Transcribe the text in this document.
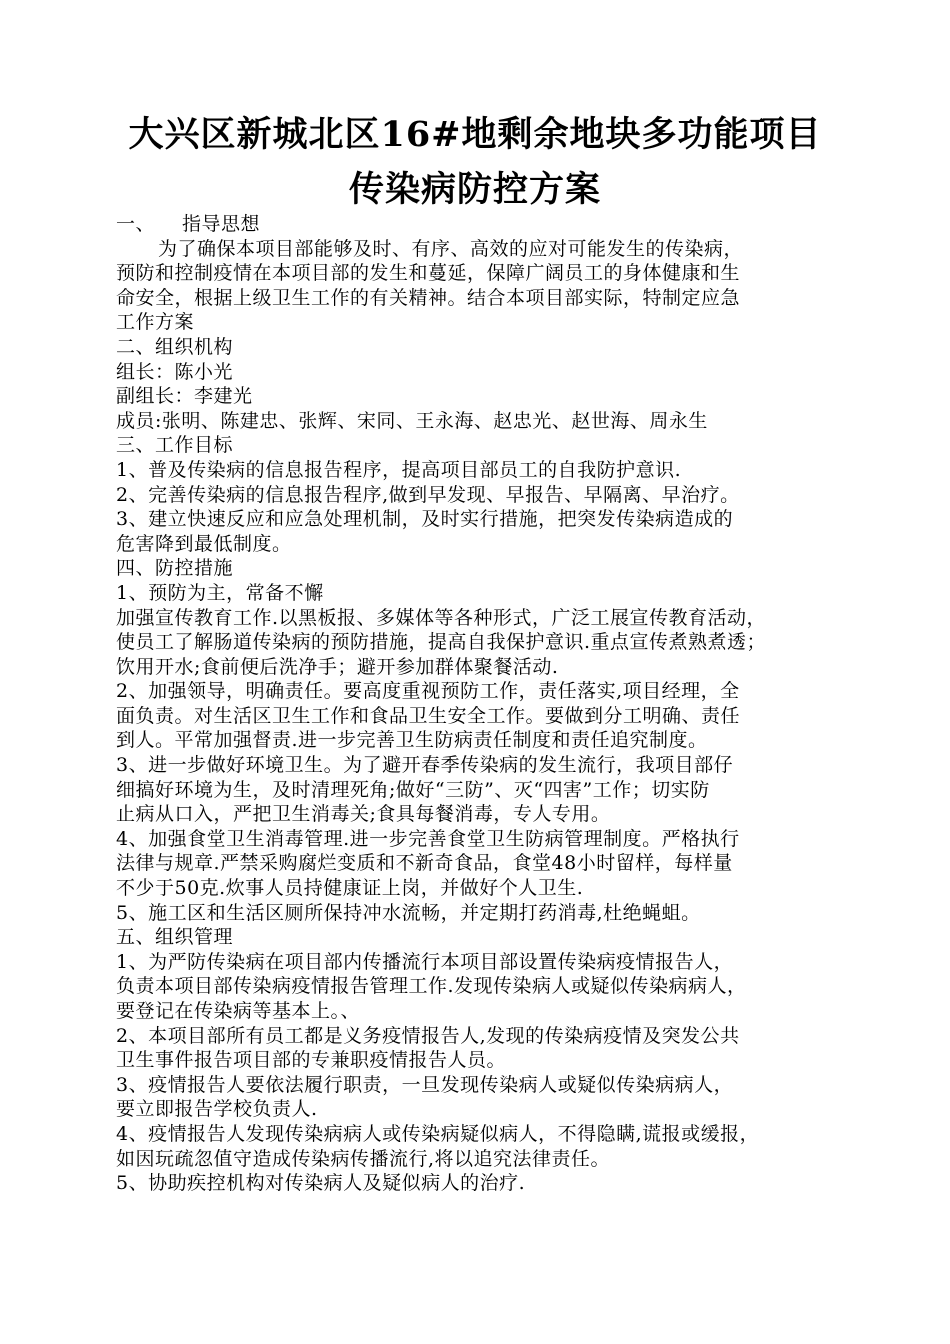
大兴区新城北区16#地剩余地块多功能项目
传染病防控方案
一、 指导思想
为了确保本项目部能够及时、有序、高效的应对可能发生的传染病，
预防和控制疫情在本项目部的发生和蔓延，保障广阔员工的身体健康和生
命安全，根据上级卫生工作的有关精神。结合本项目部实际，特制定应急
工作方案
二、组织机构
组长：陈小光
副组长：李建光
成员:张明、陈建忠、张辉、宋同、王永海、赵忠光、赵世海、周永生
三、工作目标
1、普及传染病的信息报告程序，提高项目部员工的自我防护意识.
2、完善传染病的信息报告程序,做到早发现、早报告、早隔离、早治疗。
3、建立快速反应和应急处理机制，及时实行措施，把突发传染病造成的
危害降到最低制度。
四、防控措施
1、预防为主，常备不懈
加强宣传教育工作.以黑板报、多媒体等各种形式，广泛工展宣传教育活动，
使员工了解肠道传染病的预防措施，提高自我保护意识.重点宣传煮熟煮透；
饮用开水;食前便后洗净手；避开参加群体聚餐活动.
2、加强领导，明确责任。要高度重视预防工作，责任落实,项目经理，全
面负责。对生活区卫生工作和食品卫生安全工作。要做到分工明确、责任
到人。平常加强督责.进一步完善卫生防病责任制度和责任追究制度。
3、进一步做好环境卫生。为了避开春季传染病的发生流行，我项目部仔
细搞好环境为生，及时清理死角;做好“三防”、灭“四害”工作；切实防
止病从口入，严把卫生消毒关;食具每餐消毒，专人专用。
4、加强食堂卫生消毒管理.进一步完善食堂卫生防病管理制度。严格执行
法律与规章.严禁采购腐烂变质和不新奇食品，食堂48小时留样，每样量
不少于50克.炊事人员持健康证上岗，并做好个人卫生.
5、施工区和生活区厕所保持冲水流畅，并定期打药消毒,杜绝蝇蛆。
五、组织管理
1、为严防传染病在项目部内传播流行本项目部设置传染病疫情报告人，
负责本项目部传染病疫情报告管理工作.发现传染病人或疑似传染病病人，
要登记在传染病等基本上。、
2、本项目部所有员工都是义务疫情报告人,发现的传染病疫情及突发公共
卫生事件报告项目部的专兼职疫情报告人员。
3、疫情报告人要依法履行职责，一旦发现传染病人或疑似传染病病人，
要立即报告学校负责人.
4、疫情报告人发现传染病病人或传染病疑似病人，不得隐瞒,谎报或缓报，
如因玩疏忽值守造成传染病传播流行,将以追究法律责任。
5、协助疾控机构对传染病人及疑似病人的治疗.
